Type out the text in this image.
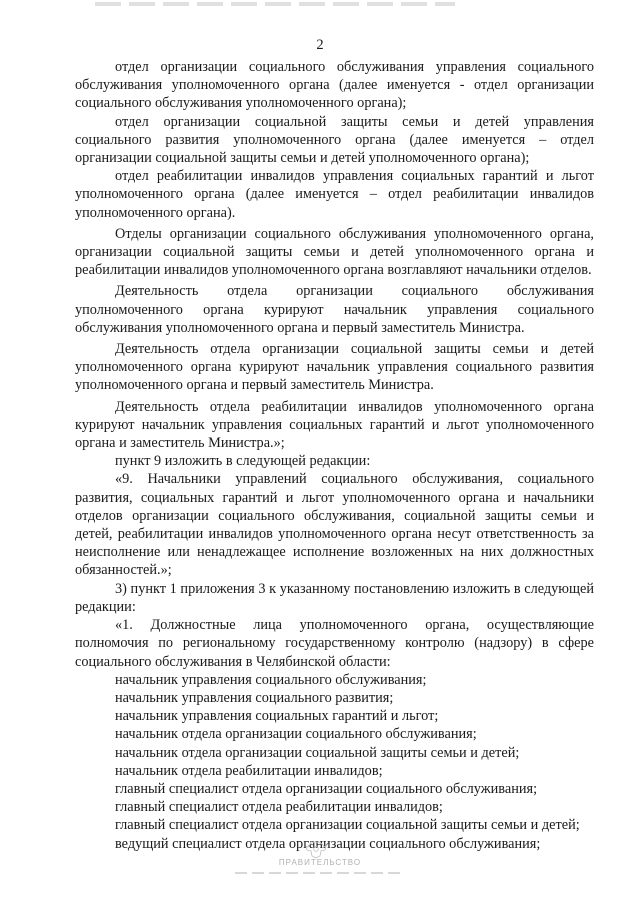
2

отдел организации социального обслуживания управления социального обслуживания уполномоченного органа (далее именуется - отдел организации социального обслуживания уполномоченного органа);

отдел организации социальной защиты семьи и детей управления социального развития уполномоченного органа (далее именуется – отдел организации социальной защиты семьи и детей уполномоченного органа);

отдел реабилитации инвалидов управления социальных гарантий и льгот уполномоченного органа (далее именуется – отдел реабилитации инвалидов уполномоченного органа).

Отделы организации социального обслуживания уполномоченного органа, организации социальной защиты семьи и детей уполномоченного органа и реабилитации инвалидов уполномоченного органа возглавляют начальники отделов.

Деятельность отдела организации социального обслуживания уполномоченного органа курируют начальник управления социального обслуживания уполномоченного органа и первый заместитель Министра.

Деятельность отдела организации социальной защиты семьи и детей уполномоченного органа курируют начальник управления социального развития уполномоченного органа и первый заместитель Министра.

Деятельность отдела реабилитации инвалидов уполномоченного органа курируют начальник управления социальных гарантий и льгот уполномоченного органа и заместитель Министра.»;

пункт 9 изложить в следующей редакции:

«9. Начальники управлений социального обслуживания, социального развития, социальных гарантий и льгот уполномоченного органа и начальники отделов организации социального обслуживания, социальной защиты семьи и детей, реабилитации инвалидов уполномоченного органа несут ответственность за неисполнение или ненадлежащее исполнение возложенных на них должностных обязанностей.»;

3) пункт 1 приложения 3 к указанному постановлению изложить в следующей редакции:

«1. Должностные лица уполномоченного органа, осуществляющие полномочия по региональному государственному контролю (надзору) в сфере социального обслуживания в Челябинской области:

начальник управления социального обслуживания;

начальник управления социального развития;

начальник управления социальных гарантий и льгот;

начальник отдела организации социального обслуживания;

начальник отдела организации социальной защиты семьи и детей;

начальник отдела реабилитации инвалидов;

главный специалист отдела организации социального обслуживания;

главный специалист отдела реабилитации инвалидов;

главный специалист отдела организации социальной защиты семьи и детей;

ведущий специалист отдела организации социального обслуживания;

ПРАВИТЕЛЬСТВО
